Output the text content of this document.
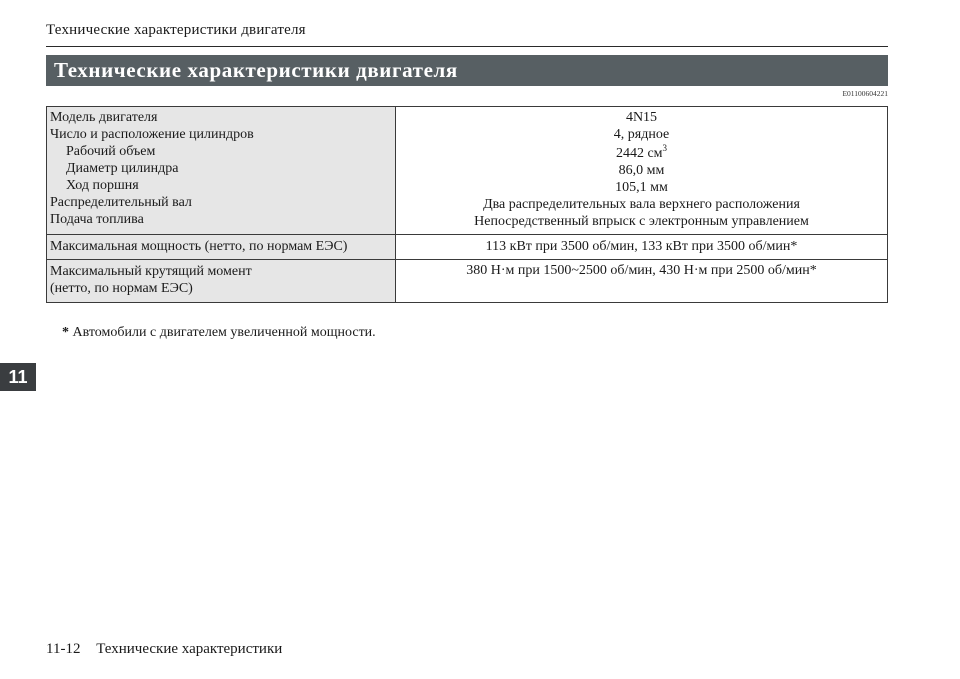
Технические характеристики двигателя
Технические характеристики двигателя
E01100604221
Модель двигателя
Число и расположение цилиндров
Рабочий объем
Диаметр цилиндра
Ход поршня
Распределительный вал
Подача топлива

4N15
4, рядное
2442 $см^3$
86,0 мм
105,1 мм
Два распределительных вала верхнего расположения
Непосредственный впрыск с электронным управлением

Максимальная мощность (нетто, по нормам ЕЭС)	113 кВт при 3500 об/мин, 133 кВт при 3500 об/мин*

Максимальный крутящий момент
(нетто, по нормам ЕЭС)
	380 Н·м при 1500~2500 об/мин, 430 Н·м при 2500 об/мин*
* Автомобили с двигателем увеличенной мощности.
11
11-12 Технические характеристики
